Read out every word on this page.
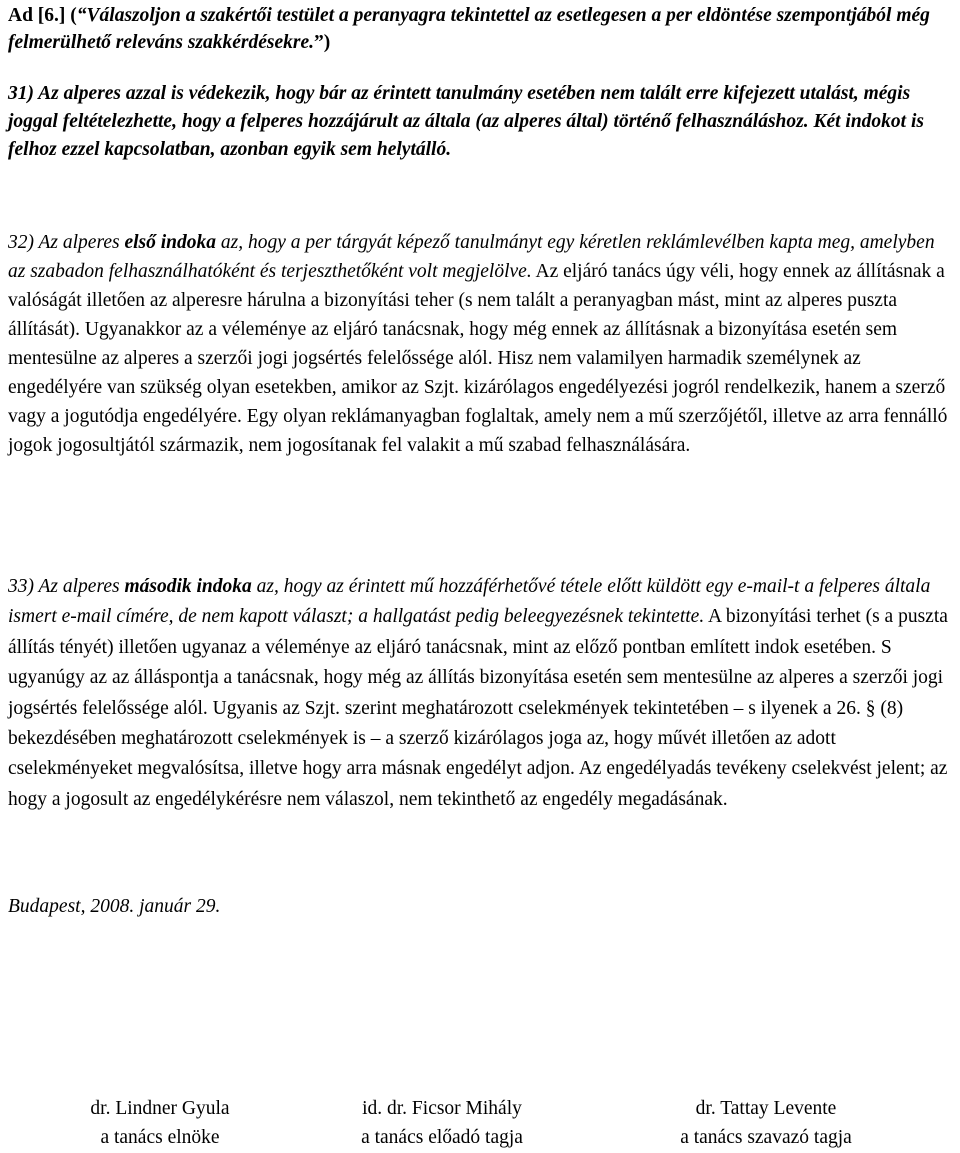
Ad [6.] (“Válaszoljon a szakértői testület a peranyagra tekintettel az esetlegesen a per eldöntése szempontjából még felmerülhető releváns szakkérdésekre.”)
31) Az alperes azzal is védekezik, hogy bár az érintett tanulmány esetében nem talált erre kifejezett utalást, mégis joggal feltételezhette, hogy a felperes hozzájárult az általa (az alperes által) történő felhasználáshoz. Két indokot is felhoz ezzel kapcsolatban, azonban egyik sem helytálló.
32) Az alperes első indoka az, hogy a per tárgyát képező tanulmányt egy kéretlen reklámlevélben kapta meg, amelyben az szabadon felhasználhatóként és terjeszthetőként volt megjelölve. Az eljáró tanács úgy véli, hogy ennek az állításnak a valóságát illetően az alperesre hárulna a bizonyítási teher (s nem talált a peranyagban mást, mint az alperes puszta állítását). Ugyanakkor az a véleménye az eljáró tanácsnak, hogy még ennek az állításnak a bizonyítása esetén sem mentesülne az alperes a szerzői jogi jogsértés felelőssége alól. Hisz nem valamilyen harmadik személynek az engedélyére van szükség olyan esetekben, amikor az Szjt. kizárólagos engedélyezési jogról rendelkezik, hanem a szerző vagy a jogutódja engedélyére. Egy olyan reklámanyagban foglaltak, amely nem a mű szerzőjétől, illetve az arra fennálló jogok jogosultjától származik, nem jogosítanak fel valakit a mű szabad felhasználására.
33) Az alperes második indoka az, hogy az érintett mű hozzáférhetővé tétele előtt küldött egy e-mail-t a felperes általa ismert e-mail címére, de nem kapott választ; a hallgatást pedig beleegyezésnek tekintette. A bizonyítási terhet (s a puszta állítás tényét) illetően ugyanaz a véleménye az eljáró tanácsnak, mint az előző pontban említett indok esetében. S ugyanúgy az az álláspontja a tanácsnak, hogy még az állítás bizonyítása esetén sem mentesülne az alperes a szerzői jogi jogsértés felelőssége alól. Ugyanis az Szjt. szerint meghatározott cselekmények tekintetében – s ilyenek a 26. § (8) bekezdésében meghatározott cselekmények is – a szerző kizárólagos joga az, hogy művét illetően az adott cselekményeket megvalósítsa, illetve hogy arra másnak engedélyt adjon. Az engedélyadás tevékeny cselekvést jelent; az hogy a jogosult az engedélykérésre nem válaszol, nem tekinthető az engedély megadásának.
Budapest, 2008. január 29.
dr. Lindner Gyula
a tanács elnöke
id. dr. Ficsor Mihály
a tanács előadó tagja
dr. Tattay Levente
a tanács szavazó tagja
